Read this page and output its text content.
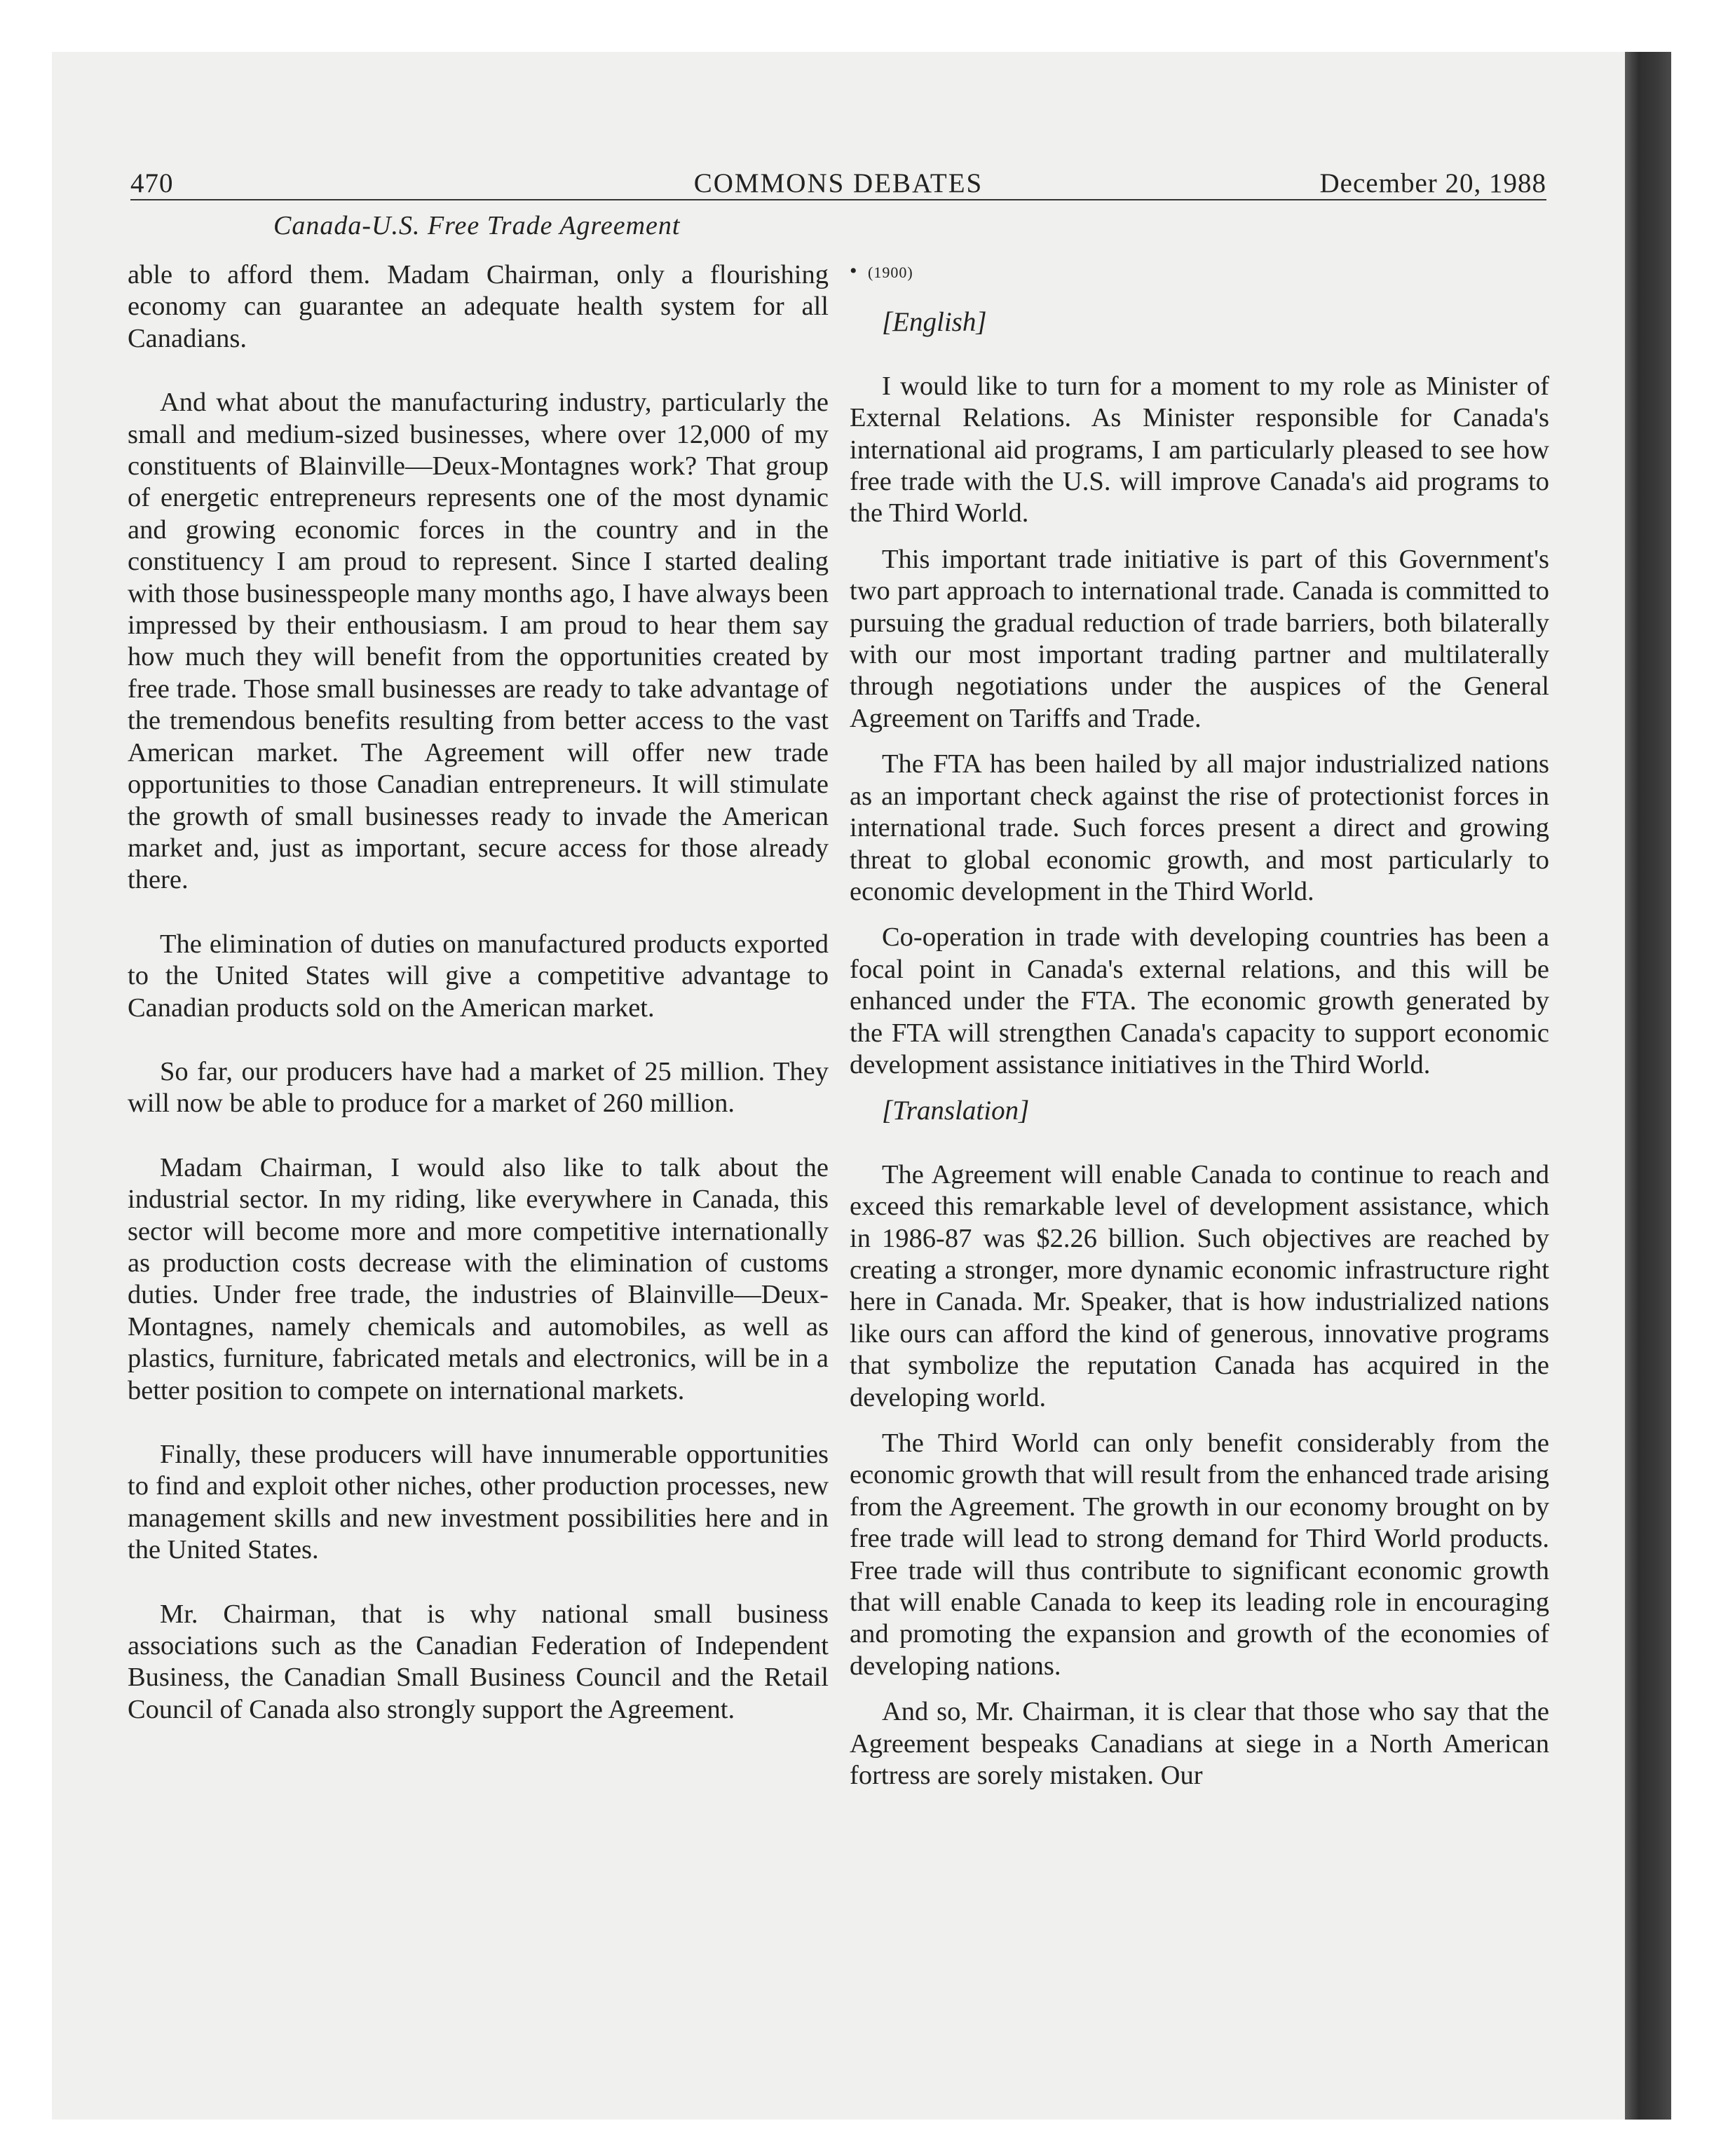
470	COMMONS DEBATES	December 20, 1988
Canada-U.S. Free Trade Agreement

able to afford them. Madam Chairman, only a flourishing economy can guarantee an adequate health system for all Canadians.

And what about the manufacturing industry, particularly the small and medium-sized businesses, where over 12,000 of my constituents of Blainville—Deux-Montagnes work? That group of energetic entrepreneurs represents one of the most dynamic and growing economic forces in the country and in the constituency I am proud to represent. Since I started dealing with those businesspeople many months ago, I have always been impressed by their enthousiasm. I am proud to hear them say how much they will benefit from the opportunities created by free trade. Those small businesses are ready to take advantage of the tremendous benefits resulting from better access to the vast American market. The Agreement will offer new trade opportunities to those Canadian entrepreneurs. It will stimulate the growth of small businesses ready to invade the American market and, just as important, secure access for those already there.

The elimination of duties on manufactured products exported to the United States will give a competitive advantage to Canadian products sold on the American market.

So far, our producers have had a market of 25 million. They will now be able to produce for a market of 260 million.

Madam Chairman, I would also like to talk about the industrial sector. In my riding, like everywhere in Canada, this sector will become more and more competitive internationally as production costs decrease with the elimination of customs duties. Under free trade, the industries of Blainville—Deux-Montagnes, namely chemicals and automobiles, as well as plastics, furniture, fabricated metals and electronics, will be in a better position to compete on international markets.

Finally, these producers will have innumerable opportunities to find and exploit other niches, other production processes, new management skills and new investment possibilities here and in the United States.

Mr. Chairman, that is why national small business associations such as the Canadian Federation of Independent Business, the Canadian Small Business Council and the Retail Council of Canada also strongly support the Agreement.

• (1900)

[English]

I would like to turn for a moment to my role as Minister of External Relations. As Minister responsible for Canada's international aid programs, I am particularly pleased to see how free trade with the U.S. will improve Canada's aid programs to the Third World.

This important trade initiative is part of this Government's two part approach to international trade. Canada is committed to pursuing the gradual reduction of trade barriers, both bilaterally with our most important trading partner and multilaterally through negotiations under the auspices of the General Agreement on Tariffs and Trade.

The FTA has been hailed by all major industrialized nations as an important check against the rise of protectionist forces in international trade. Such forces present a direct and growing threat to global economic growth, and most particularly to economic development in the Third World.

Co-operation in trade with developing countries has been a focal point in Canada's external relations, and this will be enhanced under the FTA. The economic growth generated by the FTA will strengthen Canada's capacity to support economic development assistance initiatives in the Third World.

[Translation]

The Agreement will enable Canada to continue to reach and exceed this remarkable level of development assistance, which in 1986-87 was $2.26 billion. Such objectives are reached by creating a stronger, more dynamic economic infrastructure right here in Canada. Mr. Speaker, that is how industrialized nations like ours can afford the kind of generous, innovative programs that symbolize the reputation Canada has acquired in the developing world.

The Third World can only benefit considerably from the economic growth that will result from the enhanced trade arising from the Agreement. The growth in our economy brought on by free trade will lead to strong demand for Third World products. Free trade will thus contribute to significant economic growth that will enable Canada to keep its leading role in encouraging and promoting the expansion and growth of the economies of developing nations.

And so, Mr. Chairman, it is clear that those who say that the Agreement bespeaks Canadians at siege in a North American fortress are sorely mistaken. Our
